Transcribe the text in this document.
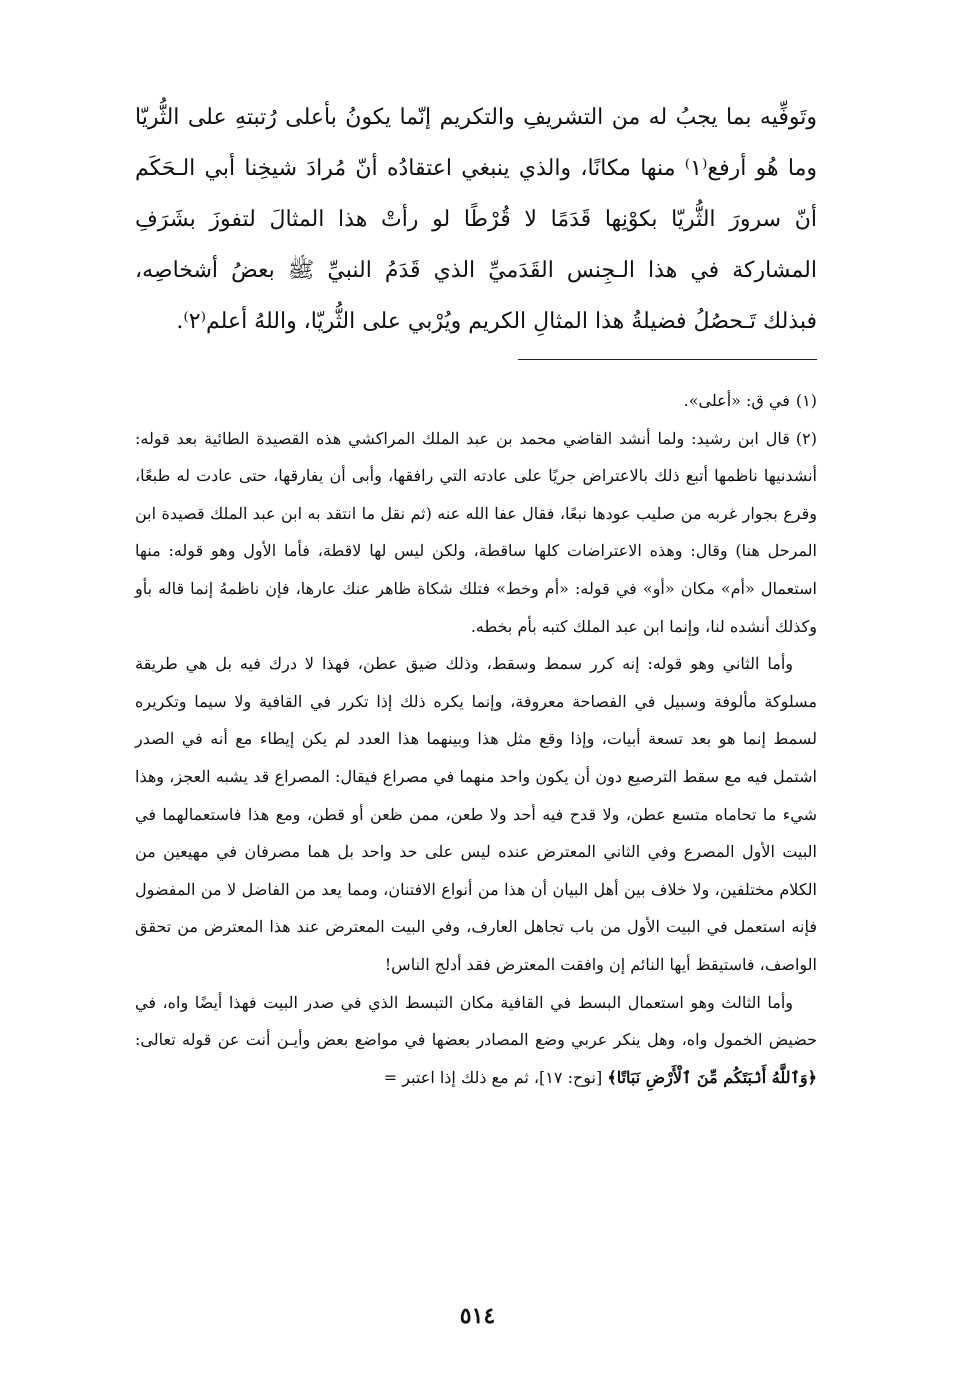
وتَوفِّيه بما يجبُ له من التشريفِ والتكريم إنّما يكونُ بأعلى رُتبتهِ على الثُّريّا وما هُو أرفع⁽١⁾ منها مكانًا، والذي ينبغي اعتقادُه أنّ مُرادَ شيخِنا أبي الـحَكَم أنّ سرورَ الثُّريّا بكوْنِها قَدَمًا لا قُرْطًا لو رأتْ هذا المثالَ لتفوزَ بشَرَفِ المشاركة في هذا الـجِنس القَدَميِّ الذي قَدَمُ النبيِّ ﷺ بعضُ أشخاصِه، فبذلك تَـحصُلُ فضيلةُ هذا المثالِ الكريم ويُرْبي على الثُّريّا، واللهُ أعلم⁽٢⁾.

(١)في ق: «أعلى».

(٢)قال ابن رشيد: ولما أنشد القاضي محمد بن عبد الملك المراكشي هذه القصيدة الطائية بعد قوله: أنشدنيها ناظمها أتبع ذلك بالاعتراض جريًا على عادته التي رافقها، وأبى أن يفارقها، حتى عادت له طبعًا، وقرع بجوار غربه من صليب عودها نبعًا، فقال عفا الله عنه (ثم نقل ما انتقد به ابن عبد الملك قصيدة ابن المرحل هنا) وقال: وهذه الاعتراضات كلها ساقطة، ولكن ليس لها لاقطة، فأما الأول وهو قوله: منها استعمال «أم» مكان «أو» في قوله: «أم وخط» فتلك شكاة ظاهر عنك عارها، فإن ناظمهُ إنما قاله بأو وكذلك أنشده لنا، وإنما ابن عبد الملك كتبه بأم بخطه.

وأما الثاني وهو قوله: إنه كرر سمط وسقط، وذلك ضيق عطن، فهذا لا درك فيه بل هي طريقة مسلوكة مألوفة وسبيل في الفصاحة معروفة، وإنما يكره ذلك إذا تكرر في القافية ولا سيما وتكريره لسمط إنما هو بعد تسعة أبيات، وإذا وقع مثل هذا وبينهما هذا العدد لم يكن إيطاء مع أنه في الصدر اشتمل فيه مع سقط الترصيع دون أن يكون واحد منهما في مصراع فيقال: المصراع قد يشبه العجز، وهذا شيء ما تحاماه متسع عطن، ولا قدح فيه أحد ولا طعن، ممن ظعن أو قطن، ومع هذا فاستعمالهما في البيت الأول المصرع وفي الثاني المعترض عنده ليس على حد واحد بل هما مصرفان في مهيعين من الكلام مختلفين، ولا خلاف بين أهل البيان أن هذا من أنواع الافتنان، ومما يعد من الفاضل لا من المفضول فإنه استعمل في البيت الأول من باب تجاهل العارف، وفي البيت المعترض عند هذا المعترض من تحقق الواصف، فاستيقظ أيها النائم إن وافقت المعترض فقد أدلج الناس!

وأما الثالث وهو استعمال البسط في القافية مكان التبسط الذي في صدر البيت فهذا أيضًا واه، في حضيض الخمول واه، وهل ينكر عربي وضع المصادر بعضها في مواضع بعض وأيـن أنت عن قوله تعالى: ﴿وَٱللَّهُ أَنۢبَتَكُم مِّنَ ٱلْأَرْضِ نَبَاتًا﴾ [نوح: ١٧]، ثم مع ذلك إذا اعتبر =

٥١٤
